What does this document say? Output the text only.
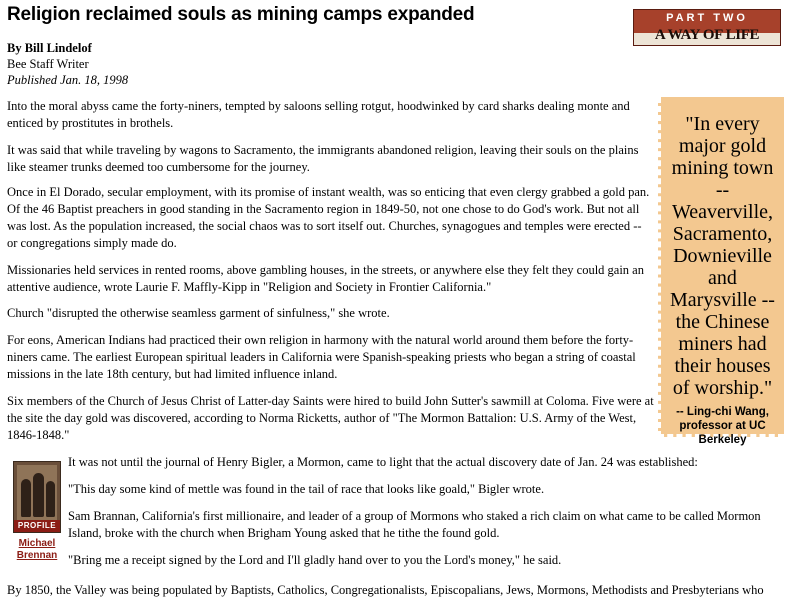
Religion reclaimed souls as mining camps expanded	PART TWO
A WAY OF LIFE
By Bill Lindelof
Bee Staff Writer
Published Jan. 18, 1998

Into the moral abyss came the forty-niners, tempted by saloons selling rotgut, hoodwinked by card sharks dealing monte and enticed by prostitutes in brothels.

It was said that while traveling by wagons to Sacramento, the immigrants abandoned religion, leaving their souls on the plains like steamer trunks deemed too cumbersome for the journey.

Once in El Dorado, secular employment, with its promise of instant wealth, was so enticing that even clergy grabbed a gold pan. Of the 46 Baptist preachers in good standing in the Sacramento region in 1849-50, not one chose to do God's work. But not all was lost. As the population increased, the social chaos was to sort itself out. Churches, synagogues and temples were erected -- or congregations simply made do.

Missionaries held services in rented rooms, above gambling houses, in the streets, or anywhere else they felt they could gain an attentive audience, wrote Laurie F. Maffly-Kipp in "Religion and Society in Frontier California."

Church "disrupted the otherwise seamless garment of sinfulness," she wrote.

For eons, American Indians had practiced their own religion in harmony with the natural world around them before the forty-niners came. The earliest European spiritual leaders in California were Spanish-speaking priests who began a string of coastal missions in the late 18th century, but had limited influence inland.

Six members of the Church of Jesus Christ of Latter-day Saints were hired to build John Sutter's sawmill at Coloma. Five were at the site the day gold was discovered, according to Norma Ricketts, author of "The Mormon Battalion: U.S. Army of the West, 1846-1848."

"In every major gold mining town -- Weaverville, Sacramento, Downieville and Marysville -- the Chinese miners had their houses of worship."
-- Ling-chi Wang, professor at UC Berkeley
PROFILE
Michael Brennan

It was not until the journal of Henry Bigler, a Mormon, came to light that the actual discovery date of Jan. 24 was established:

"This day some kind of mettle was found in the tail of race that looks like goald," Bigler wrote.

Sam Brannan, California's first millionaire, and leader of a group of Mormons who staked a rich claim on what came to be called Mormon Island, broke with the church when Brigham Young asked that he tithe the found gold.

"Bring me a receipt signed by the Lord and I'll gladly hand over to you the Lord's money," he said.

By 1850, the Valley was being populated by Baptists, Catholics, Congregationalists, Episcopalians, Jews, Mormons, Methodists and Presbyterians who
